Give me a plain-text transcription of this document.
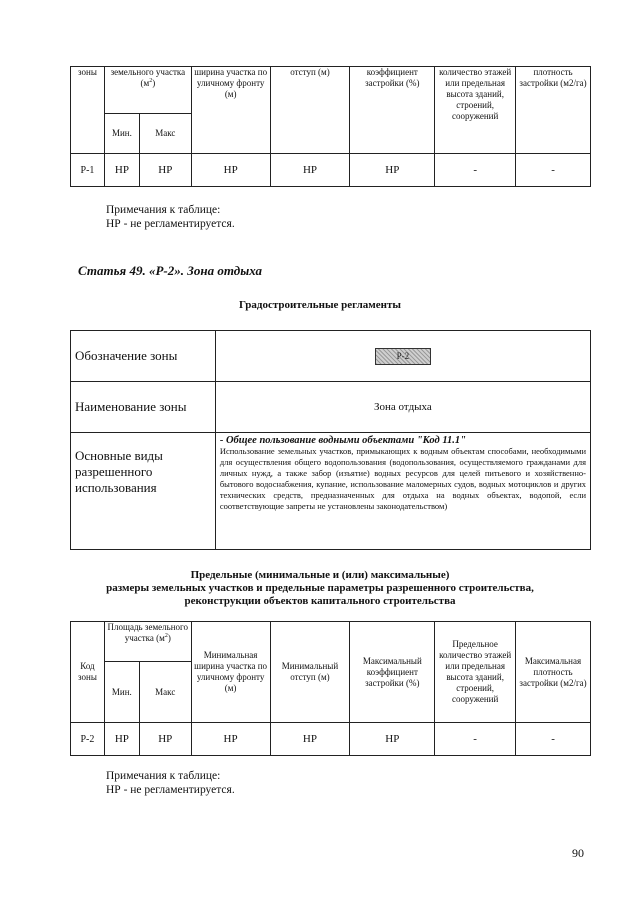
зоны	земельного участка $(м^2)$		ширина участка по уличному фронту (м)	отступ (м)	коэффициент застройки (%)	количество этажей или предельная высота зданий, строений, сооружений	плотность застройки (м2/га)
	Мин.	Макс					
Р-1	НР	НР	НР	НР	НР	-	-
Примечания к таблице:
НР - не регламентируется.
Статья 49. «Р-2». Зона отдыха
Градостроительные регламенты
Обозначение зоны	Р-2
Наименование зоны	Зона отдыха
Основные виды разрешенного использования	- Общее пользование водными объектами "Код 11.1"
Использование земельных участков, примыкающих к водным объектам способами, необходимыми для осуществления общего водопользования (водопользования, осуществляемого гражданами для личных нужд, а также забор (изъятие) водных ресурсов для целей питьевого и хозяйственно-бытового водоснабжения, купание, использование маломерных судов, водных мотоциклов и других технических средств, предназначенных для отдыха на водных объектах, водопой, если соответствующие запреты не установлены законодательством)
Предельные (минимальные и (или) максимальные)
размеры земельных участков и предельные параметры разрешенного строительства,
реконструкции объектов капитального строительства
Код зоны	Площадь земельного участка $(м^2)$		Минимальная ширина участка по уличному фронту (м)	Минимальный отступ (м)	Максимальный коэффициент застройки (%)	Предельное количество этажей или предельная высота зданий, строений, сооружений	Максимальная плотность застройки (м2/га)
	Мин.	Макс					
Р-2	НР	НР	НР	НР	НР	-	-
Примечания к таблице:
НР - не регламентируется.
90
